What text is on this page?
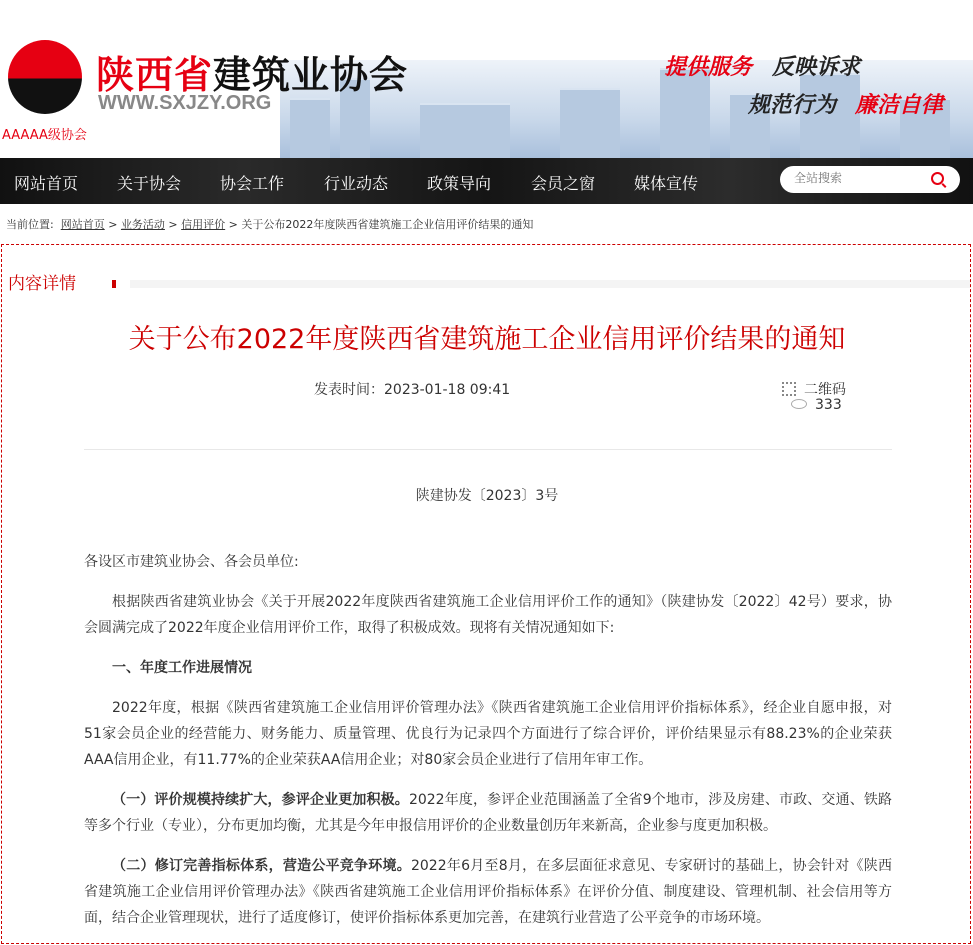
陕西省建筑业协会
WWW.SXJZY.ORG
AAAAA级协会
提供服务 反映诉求
规范行为 廉洁自律
网站首页 关于协会 协会工作 行业动态 政策导向 会员之窗 媒体宣传
全站搜索
当前位置: 网站首页 > 业务活动 > 信用评价 > 关于公布2022年度陕西省建筑施工企业信用评价结果的通知
内容详情
关于公布2022年度陕西省建筑施工企业信用评价结果的通知
发表时间：2023-01-18 09:41	二维码
333
陕建协发〔2023〕3号

各设区市建筑业协会、各会员单位:

根据陕西省建筑业协会《关于开展2022年度陕西省建筑施工企业信用评价工作的通知》（陕建协发〔2022〕42号）要求，协会圆满完成了2022年度企业信用评价工作，取得了积极成效。现将有关情况通知如下:

一、年度工作进展情况

2022年度，根据《陕西省建筑施工企业信用评价管理办法》《陕西省建筑施工企业信用评价指标体系》，经企业自愿申报，对51家会员企业的经营能力、财务能力、质量管理、优良行为记录四个方面进行了综合评价，评价结果显示有88.23%的企业荣获AAA信用企业，有11.77%的企业荣获AA信用企业；对80家会员企业进行了信用年审工作。

（一）评价规模持续扩大，参评企业更加积极。2022年度，参评企业范围涵盖了全省9个地市，涉及房建、市政、交通、铁路等多个行业（专业），分布更加均衡，尤其是今年申报信用评价的企业数量创历年来新高，企业参与度更加积极。

（二）修订完善指标体系，营造公平竞争环境。2022年6月至8月，在多层面征求意见、专家研讨的基础上，协会针对《陕西省建筑施工企业信用评价管理办法》《陕西省建筑施工企业信用评价指标体系》在评价分值、制度建设、管理机制、社会信用等方面，结合企业管理现状，进行了适度修订，使评价指标体系更加完善，在建筑行业营造了公平竞争的市场环境。
